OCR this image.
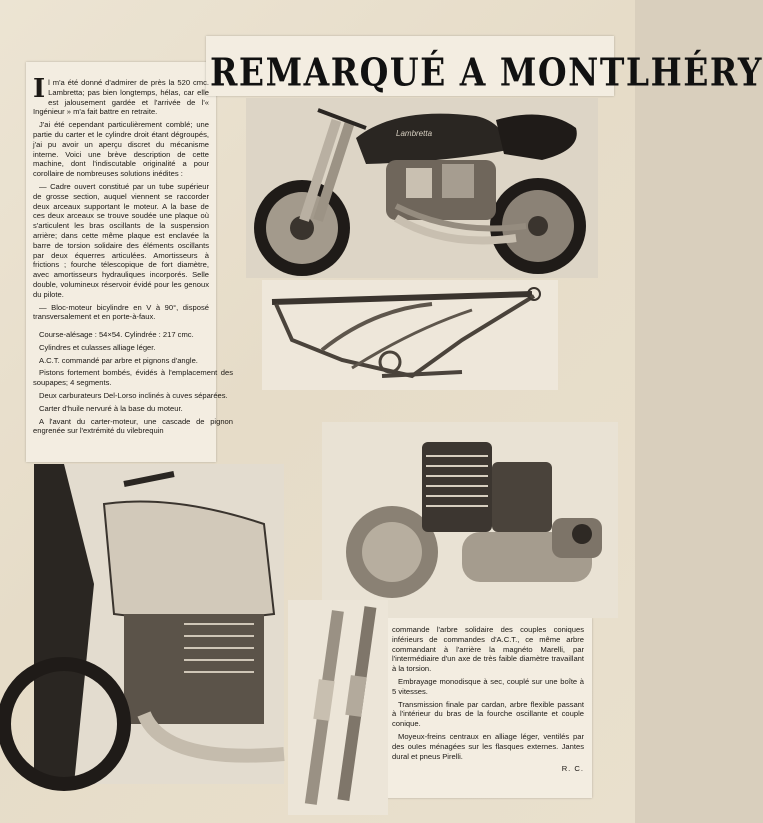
REMARQUÉ A MONTLHÉRY

Il m'a été donné d'admirer de près la 520 cmc. Lambretta; pas bien longtemps, hélas, car elle est jalousement gardée et l'arrivée de l'« Ingénieur » m'a fait battre en retraite.

J'ai été cependant particulièrement comblé; une partie du carter et le cylindre droit étant dégroupés, j'ai pu avoir un aperçu discret du mécanisme interne. Voici une brève description de cette machine, dont l'indiscutable originalité a pour corollaire de nombreuses solutions inédites :

— Cadre ouvert constitué par un tube supérieur de grosse section, auquel viennent se raccorder deux arceaux supportant le moteur. A la base de ces deux arceaux se trouve soudée une plaque où s'articulent les bras oscillants de la suspension arrière; dans cette même plaque est enclavée la barre de torsion solidaire des éléments oscillants par deux équerres articulées. Amortisseurs à frictions ; fourche télescopique de fort diamètre, avec amortisseurs hydrauliques incorporés. Selle double, volumineux réservoir évidé pour les genoux du pilote.

— Bloc-moteur bicylindre en V à 90°, disposé transversalement et en porte-à-faux.

Course-alésage : 54×54. Cylindrée : 217 cmc.

Cylindres et culasses alliage léger.

A.C.T. commandé par arbre et pignons d'angle.

Pistons fortement bombés, évidés à l'emplacement des soupapes; 4 segments.

Deux carburateurs Del-Lorso inclinés à cuves séparées.

Carter d'huile nervuré à la base du moteur.

A l'avant du carter-moteur, une cascade de pignon engrenée sur l'extrémité du vilebrequin

commande l'arbre solidaire des couples coniques inférieurs de commandes d'A.C.T., ce même arbre commandant à l'arrière la magnéto Marelli, par l'intermédiaire d'un axe de très faible diamètre travaillant à la torsion.

Embrayage monodisque à sec, couplé sur une boîte à 5 vitesses.

Transmission finale par cardan, arbre flexible passant à l'intérieur du bras de la fourche oscillante et couple conique.

Moyeux-freins centraux en alliage léger, ventilés par des ouïes ménagées sur les flasques externes. Jantes dural et pneus Pirelli.

R. C.
Lambretta
